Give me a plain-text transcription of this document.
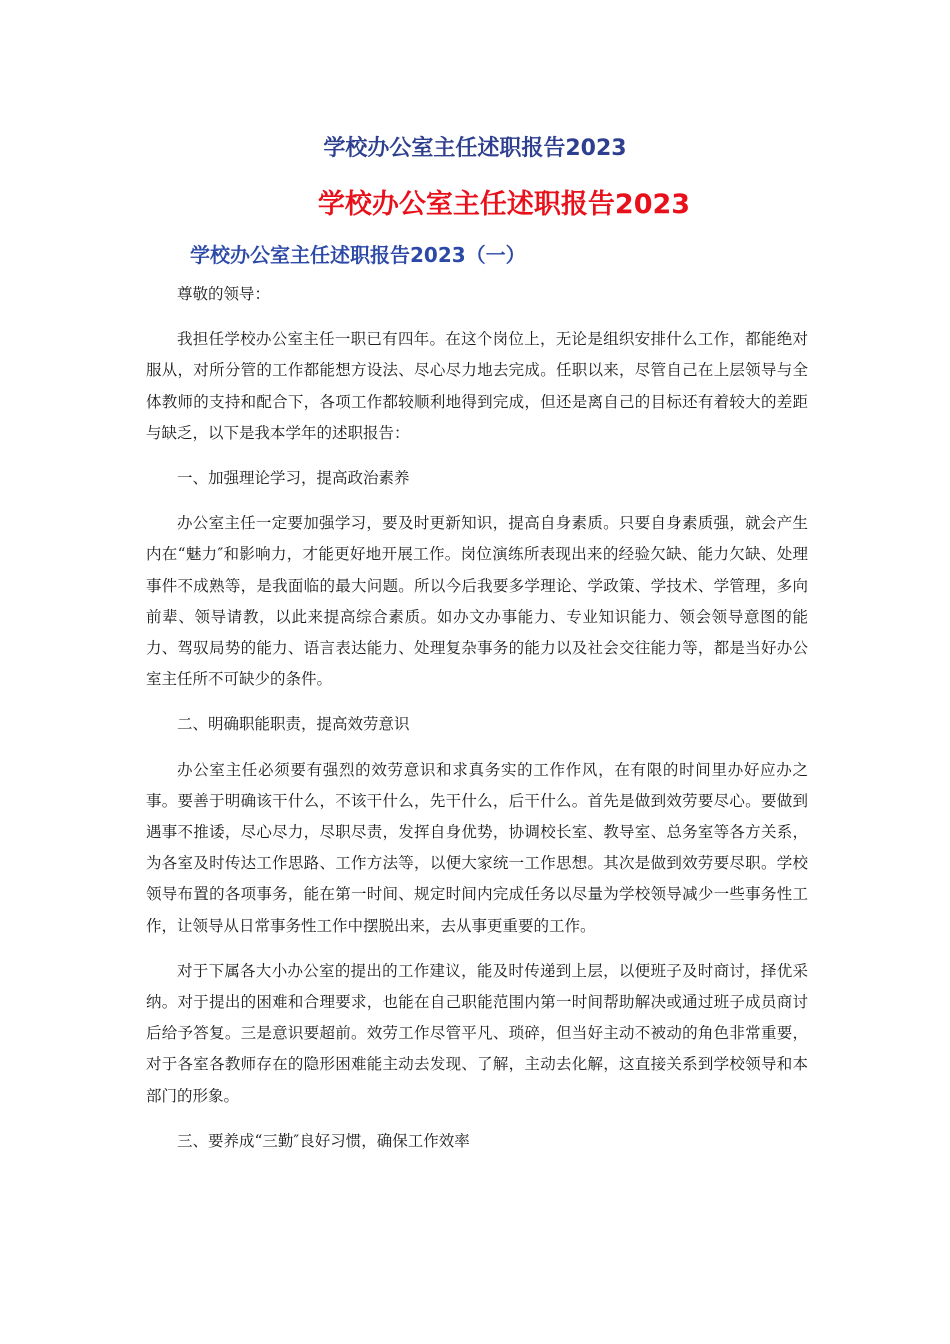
学校办公室主任述职报告2023
学校办公室主任述职报告2023
学校办公室主任述职报告2023（一）

尊敬的领导：

我担任学校办公室主任一职已有四年。在这个岗位上，无论是组织安排什么工作，都能绝对服从，对所分管的工作都能想方设法、尽心尽力地去完成。任职以来，尽管自己在上层领导与全体教师的支持和配合下，各项工作都较顺利地得到完成，但还是离自己的目标还有着较大的差距与缺乏，以下是我本学年的述职报告：

一、加强理论学习，提高政治素养

办公室主任一定要加强学习，要及时更新知识，提高自身素质。只要自身素质强，就会产生内在“魅力″和影响力，才能更好地开展工作。岗位演练所表现出来的经验欠缺、能力欠缺、处理事件不成熟等，是我面临的最大问题。所以今后我要多学理论、学政策、学技术、学管理，多向前辈、领导请教，以此来提高综合素质。如办文办事能力、专业知识能力、领会领导意图的能力、驾驭局势的能力、语言表达能力、处理复杂事务的能力以及社会交往能力等，都是当好办公室主任所不可缺少的条件。

二、明确职能职责，提高效劳意识

办公室主任必须要有强烈的效劳意识和求真务实的工作作风，在有限的时间里办好应办之事。要善于明确该干什么，不该干什么，先干什么，后干什么。首先是做到效劳要尽心。要做到遇事不推诿，尽心尽力，尽职尽责，发挥自身优势，协调校长室、教导室、总务室等各方关系，为各室及时传达工作思路、工作方法等，以便大家统一工作思想。其次是做到效劳要尽职。学校领导布置的各项事务，能在第一时间、规定时间内完成任务以尽量为学校领导减少一些事务性工作，让领导从日常事务性工作中摆脱出来，去从事更重要的工作。

对于下属各大小办公室的提出的工作建议，能及时传递到上层，以便班子及时商讨，择优采纳。对于提出的困难和合理要求，也能在自己职能范围内第一时间帮助解决或通过班子成员商讨后给予答复。三是意识要超前。效劳工作尽管平凡、琐碎，但当好主动不被动的角色非常重要，对于各室各教师存在的隐形困难能主动去发现、了解，主动去化解，这直接关系到学校领导和本部门的形象。

三、要养成“三勤″良好习惯，确保工作效率
